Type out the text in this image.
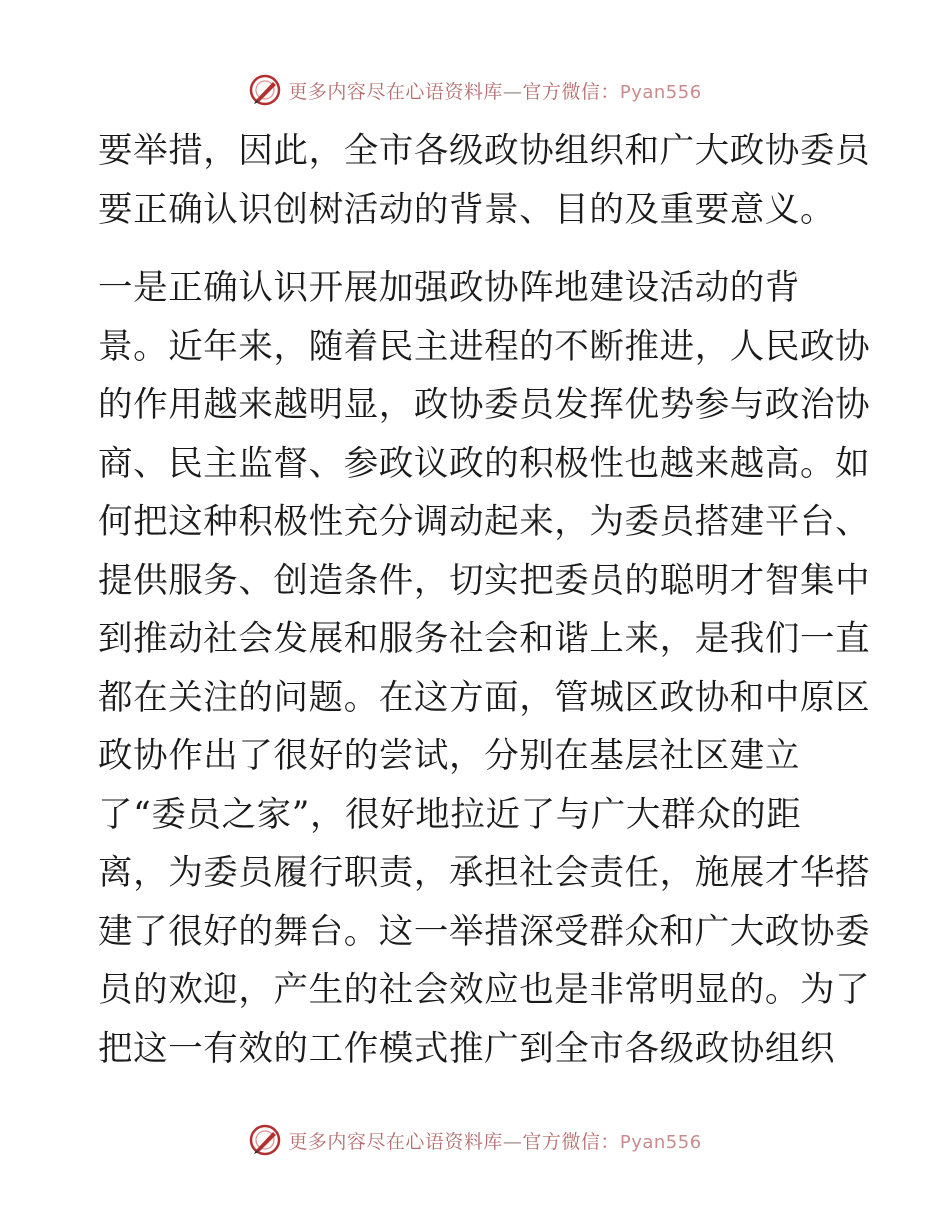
更多内容尽在心语资料库—官方微信：Pyan556
要举措，因此，全市各级政协组织和广大政协委员
要正确认识创树活动的背景、目的及重要意义。
一是正确认识开展加强政协阵地建设活动的背
景。近年来，随着民主进程的不断推进，人民政协
的作用越来越明显，政协委员发挥优势参与政治协
商、民主监督、参政议政的积极性也越来越高。如
何把这种积极性充分调动起来，为委员搭建平台、
提供服务、创造条件，切实把委员的聪明才智集中
到推动社会发展和服务社会和谐上来，是我们一直
都在关注的问题。在这方面，管城区政协和中原区
政协作出了很好的尝试，分别在基层社区建立
了“委员之家”，很好地拉近了与广大群众的距
离，为委员履行职责，承担社会责任，施展才华搭
建了很好的舞台。这一举措深受群众和广大政协委
员的欢迎，产生的社会效应也是非常明显的。为了
把这一有效的工作模式推广到全市各级政协组织
更多内容尽在心语资料库—官方微信：Pyan556
